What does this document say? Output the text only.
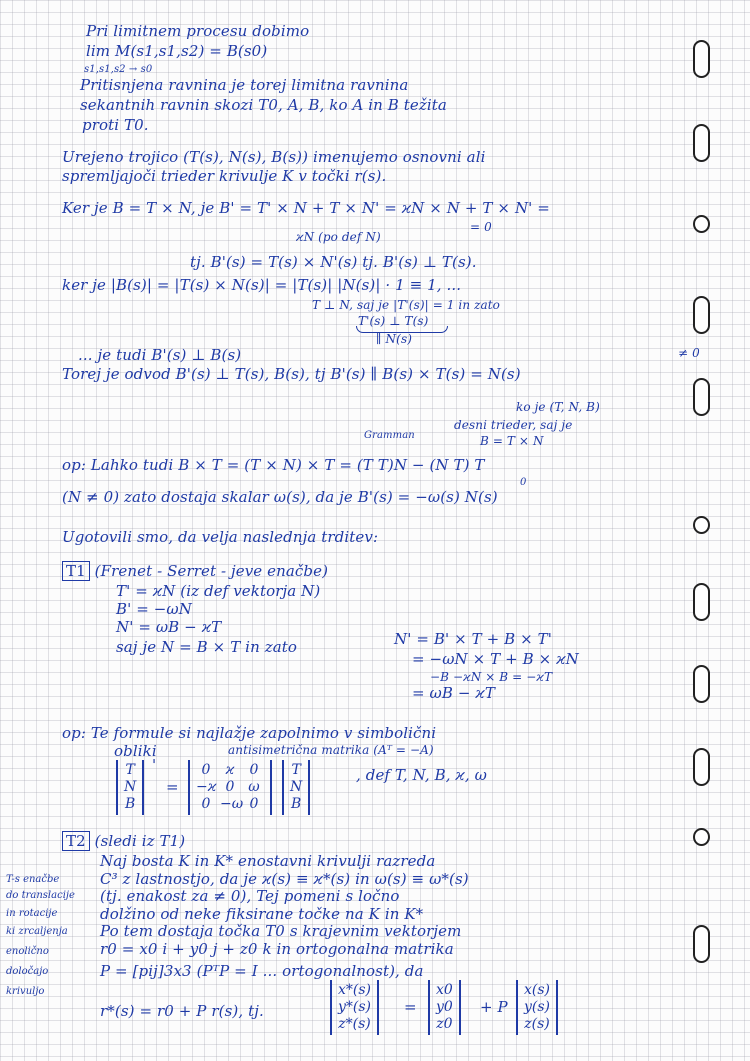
Pri limitnem procesu dobimo
lim M(s1,s1,s2) = B(s0)
s1,s1,s2 → s0
Pritisnjena ravnina je torej limitna ravnina
sekantnih ravnin skozi T0, A, B, ko A in B težita
proti T0.
Urejeno trojico (T(s), N(s), B(s)) imenujemo osnovni ali
spremljajoči trieder krivulje K v točki r(s).
Ker je B = T × N, je B' = T' × N + T × N' = ϰN × N + T × N' =
= 0
ϰN (po def N)
tj. B'(s) = T(s) × N'(s) tj. B'(s) ⊥ T(s).
ker je |B(s)| = |T(s) × N(s)| = |T(s)| |N(s)| · 1 ≡ 1, ...
T ⊥ N, saj je |T'(s)| = 1 in zato
T'(s) ⊥ T(s)
∥ N(s)
... je tudi B'(s) ⊥ B(s)
Torej je odvod B'(s) ⊥ T(s), B(s), tj B'(s) ∥ B(s) × T(s) = N(s)
≠ 0
ko je (T, N, B)
desni trieder, saj je
Gramman	B = T × N
op: Lahko tudi B × T = (T × N) × T = (T T)N − (N T) T
0
(N ≠ 0) zato dostaja skalar ω(s), da je B'(s) = −ω(s) N(s)
Ugotovili smo, da velja naslednja trditev:
T1 (Frenet - Serret - jeve enačbe)
T' = ϰN (iz def vektorja N)
B' = −ωN
N' = ωB − ϰT
saj je N = B × T in zato	N' = B' × T + B × T'
= −ωN × T + B × ϰN
−B −ϰN × B = −ϰT
= ωB − ϰT
op: Te formule si najlažje zapolnimo v simbolični
obliki	antisimetrična matrika (Aᵀ = −A)
T
N
B
'
=
0	ϰ	0
−ϰ 0 ω
0 −ω 0
T
N
B
, def T, N, B, ϰ, ω
T2 (sledi iz T1)
Naj bosta K in K* enostavni krivulji razreda
C³ z lastnostjo, da je ϰ(s) ≡ ϰ*(s) in ω(s) ≡ ω*(s)
(tj. enakost za ≠ 0), Tej pomeni s ločno
dolžino od neke fiksirane točke na K in K*
Po tem dostaja točka T0 s krajevnim vektorjem
r0 = x0 i + y0 j + z0 k in ortogonalna matrika
P = [pij]3x3 (PᵀP = I ... ortogonalnost), da
r*(s) = r0 + P r(s), tj.
x*(s)
y*(s)
z*(s)
=
x0
y0
z0
+ P
x(s)
y(s)
z(s)
T-s enačbe
do translacije
in rotacije
ki zrcaljenja
enolično
določajo
krivuljo
